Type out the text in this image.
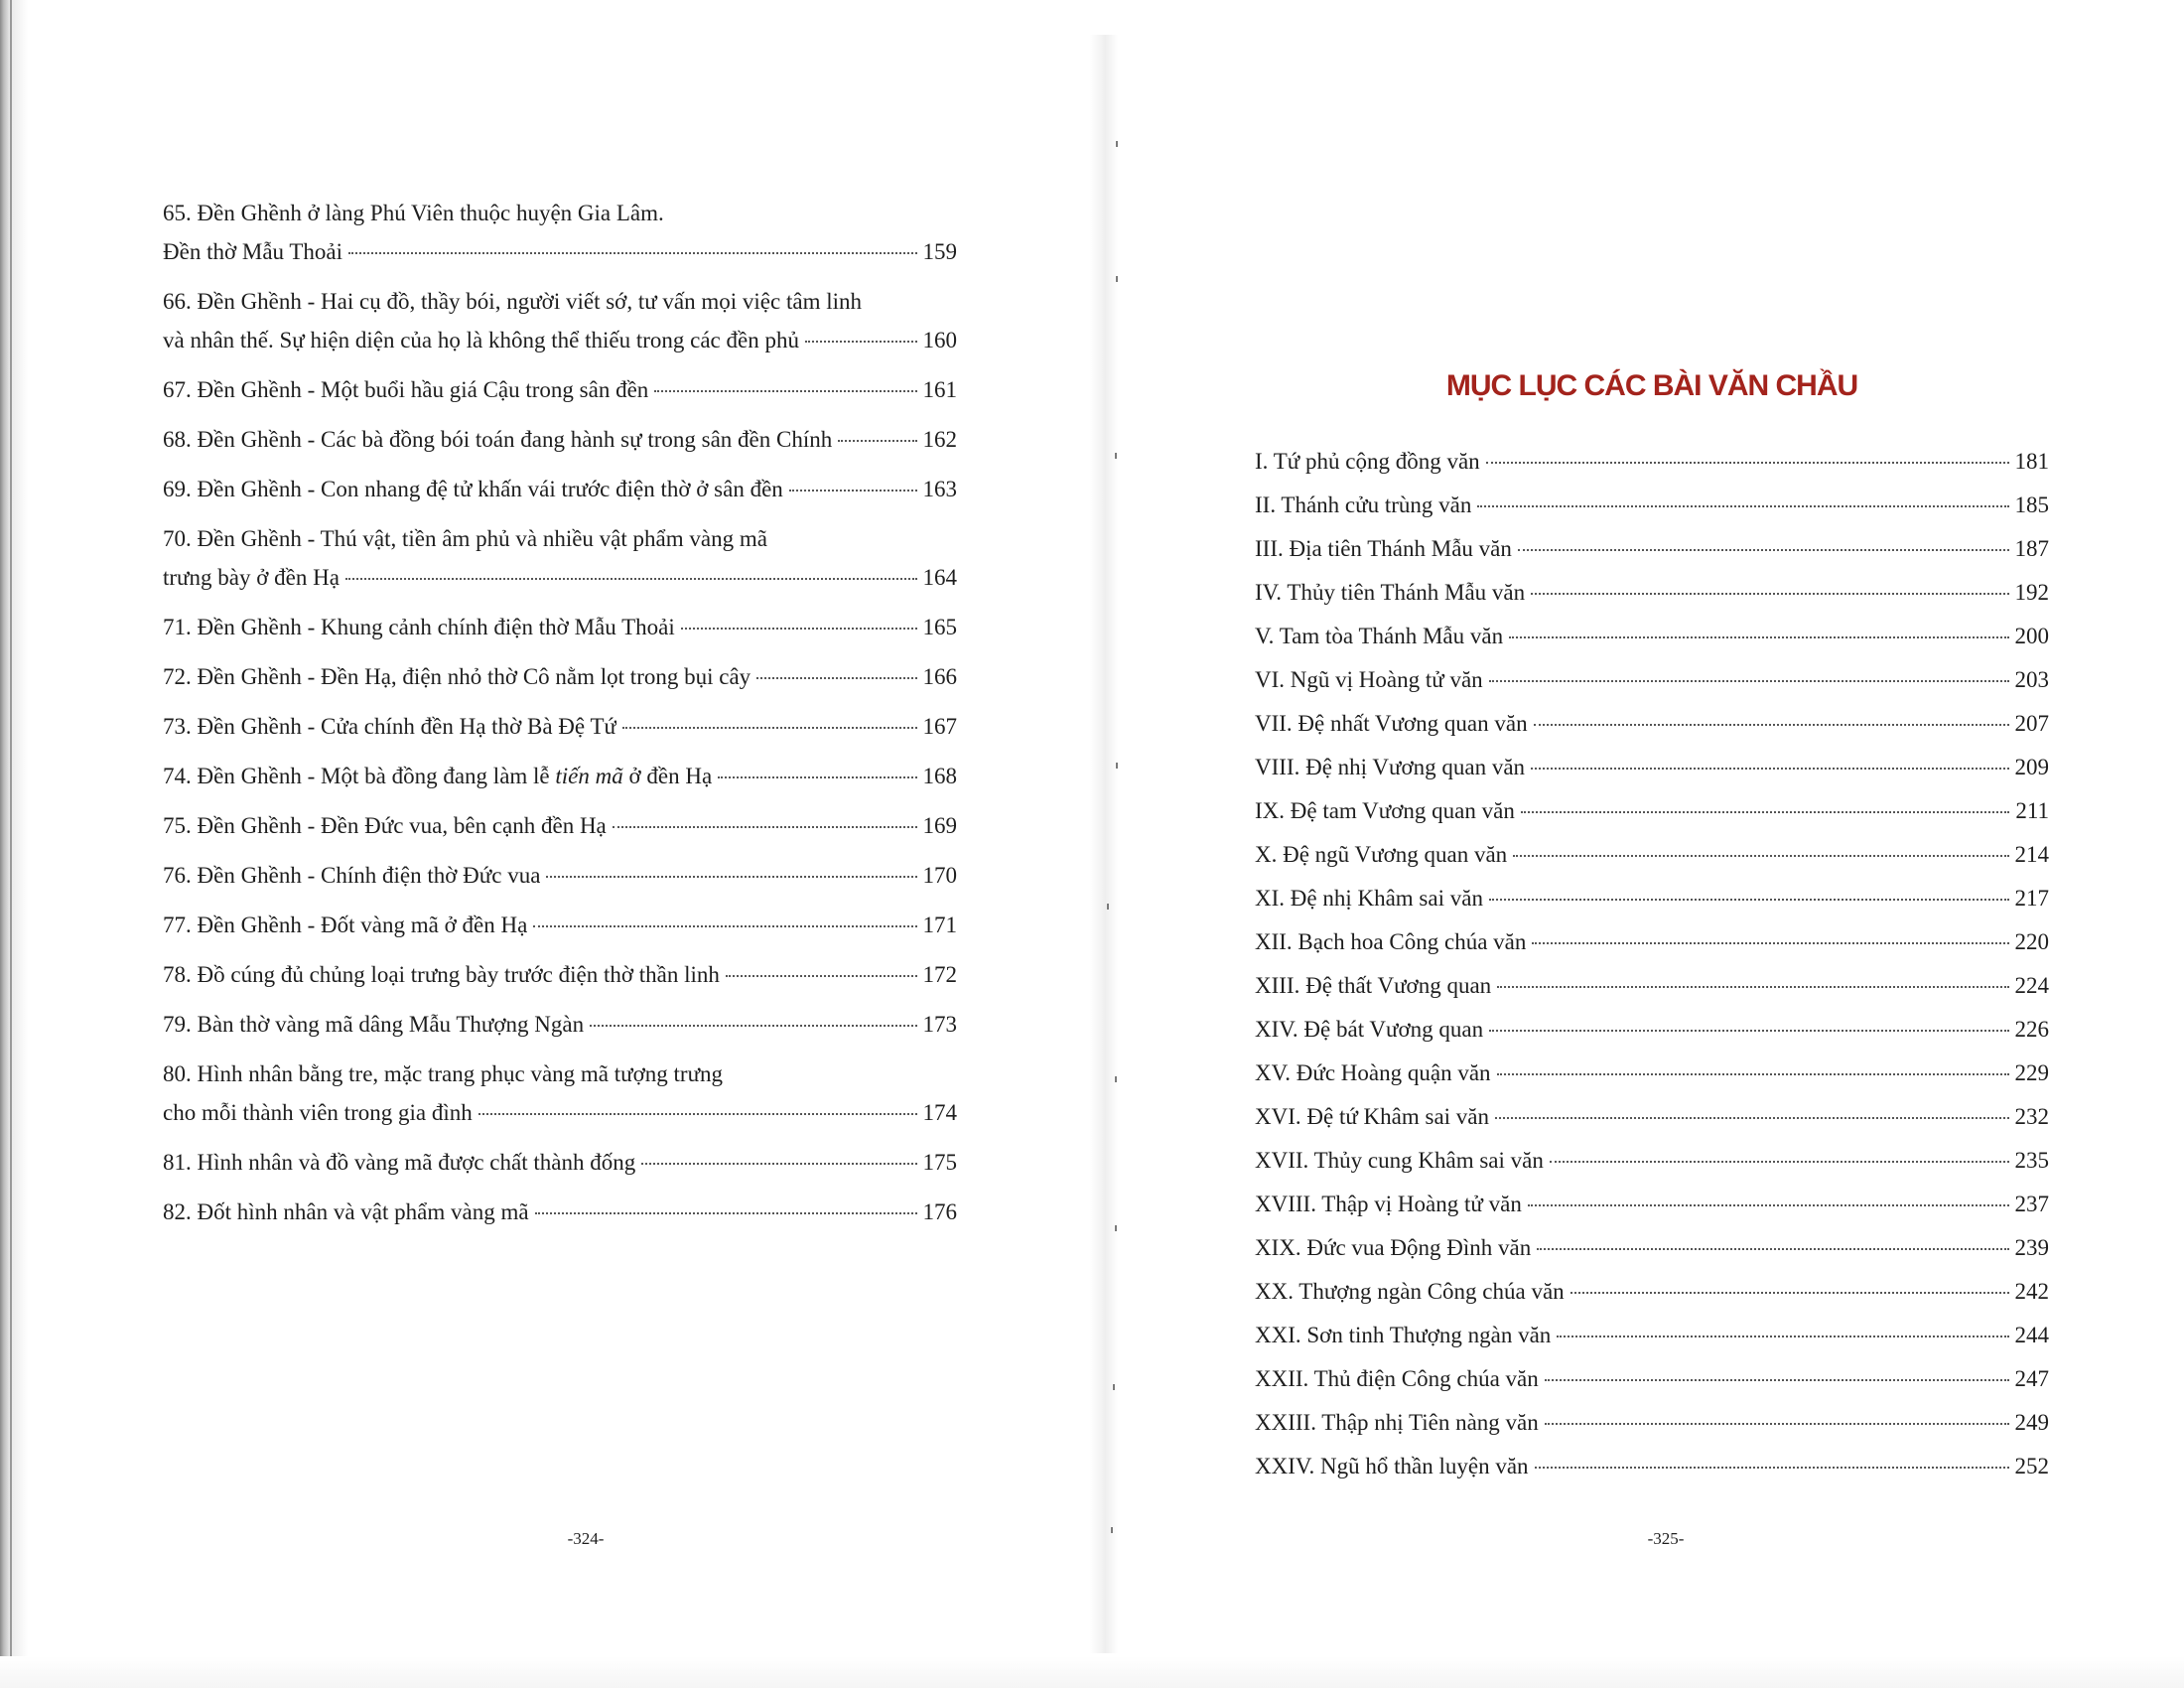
65. Đền Ghềnh ở làng Phú Viên thuộc huyện Gia Lâm.
Đền thờ Mẫu Thoải	159
66. Đền Ghềnh - Hai cụ đồ, thầy bói, người viết sớ, tư vấn mọi việc tâm linh
và nhân thế. Sự hiện diện của họ là không thể thiếu trong các đền phủ	160
67. Đền Ghềnh - Một buổi hầu giá Cậu trong sân đền	161
68. Đền Ghềnh - Các bà đồng bói toán đang hành sự trong sân đền Chính	162
69. Đền Ghềnh - Con nhang đệ tử khấn vái trước điện thờ ở sân đền	163
70. Đền Ghềnh - Thú vật, tiền âm phủ và nhiều vật phẩm vàng mã
trưng bày ở đền Hạ	164
71. Đền Ghềnh - Khung cảnh chính điện thờ Mẫu Thoải	165
72. Đền Ghềnh - Đền Hạ, điện nhỏ thờ Cô nằm lọt trong bụi cây	166
73. Đền Ghềnh - Cửa chính đền Hạ thờ Bà Đệ Tứ	167
74. Đền Ghềnh - Một bà đồng đang làm lễ tiến mã ở đền Hạ	168
75. Đền Ghềnh - Đền Đức vua, bên cạnh đền Hạ	169
76. Đền Ghềnh - Chính điện thờ Đức vua	170
77. Đền Ghềnh - Đốt vàng mã ở đền Hạ	171
78. Đồ cúng đủ chủng loại trưng bày trước điện thờ thần linh	172
79. Bàn thờ vàng mã dâng Mẫu Thượng Ngàn	173
80. Hình nhân bằng tre, mặc trang phục vàng mã tượng trưng
cho mỗi thành viên trong gia đình	174
81. Hình nhân và đồ vàng mã được chất thành đống	175
82. Đốt hình nhân và vật phẩm vàng mã	176
-324-
MỤC LỤC CÁC BÀI VĂN CHẦU
I. Tứ phủ cộng đồng văn	181
II. Thánh cửu trùng văn	185
III. Địa tiên Thánh Mẫu văn	187
IV. Thủy tiên Thánh Mẫu văn	192
V. Tam tòa Thánh Mẫu văn	200
VI. Ngũ vị Hoàng tử văn	203
VII. Đệ nhất Vương quan văn	207
VIII. Đệ nhị Vương quan văn	209
IX. Đệ tam Vương quan văn	211
X. Đệ ngũ Vương quan văn	214
XI. Đệ nhị Khâm sai văn	217
XII. Bạch hoa Công chúa văn	220
XIII. Đệ thất Vương quan	224
XIV. Đệ bát Vương quan	226
XV. Đức Hoàng quận văn	229
XVI. Đệ tứ Khâm sai văn	232
XVII. Thủy cung Khâm sai văn	235
XVIII. Thập vị Hoàng tử văn	237
XIX. Đức vua Động Đình văn	239
XX. Thượng ngàn Công chúa văn	242
XXI. Sơn tinh Thượng ngàn văn	244
XXII. Thủ điện Công chúa văn	247
XXIII. Thập nhị Tiên nàng văn	249
XXIV. Ngũ hổ thần luyện văn	252
-325-
